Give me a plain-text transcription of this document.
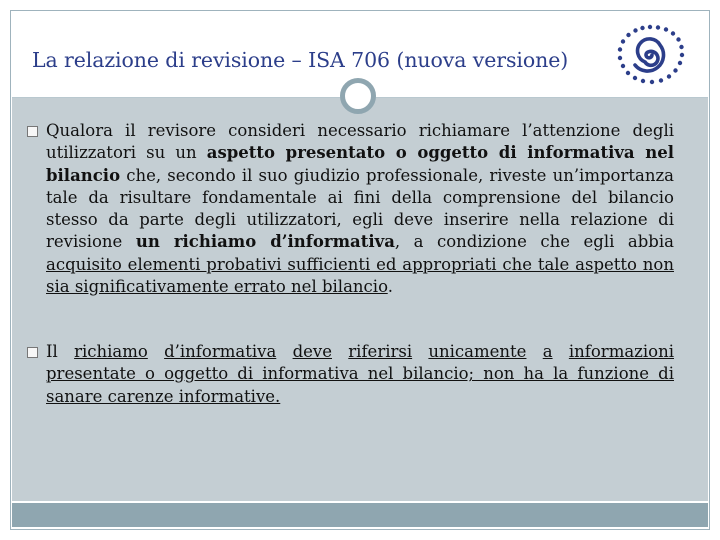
La relazione di revisione – ISA 706 (nuova versione)
Qualora il revisore consideri necessario richiamare l’attenzione degli utilizzatori su un aspetto presentato o oggetto di informativa nel bilancio che, secondo il suo giudizio professionale, riveste un’importanza tale da risultare fondamentale ai fini della comprensione del bilancio stesso da parte degli utilizzatori, egli deve inserire nella relazione di revisione un richiamo d’informativa, a condizione che egli abbia acquisito elementi probativi sufficienti ed appropriati che tale aspetto non sia significativamente errato nel bilancio.
Il richiamo d’informativa deve riferirsi unicamente a informazioni presentate o oggetto di informativa nel bilancio; non ha la funzione di sanare carenze informative.
